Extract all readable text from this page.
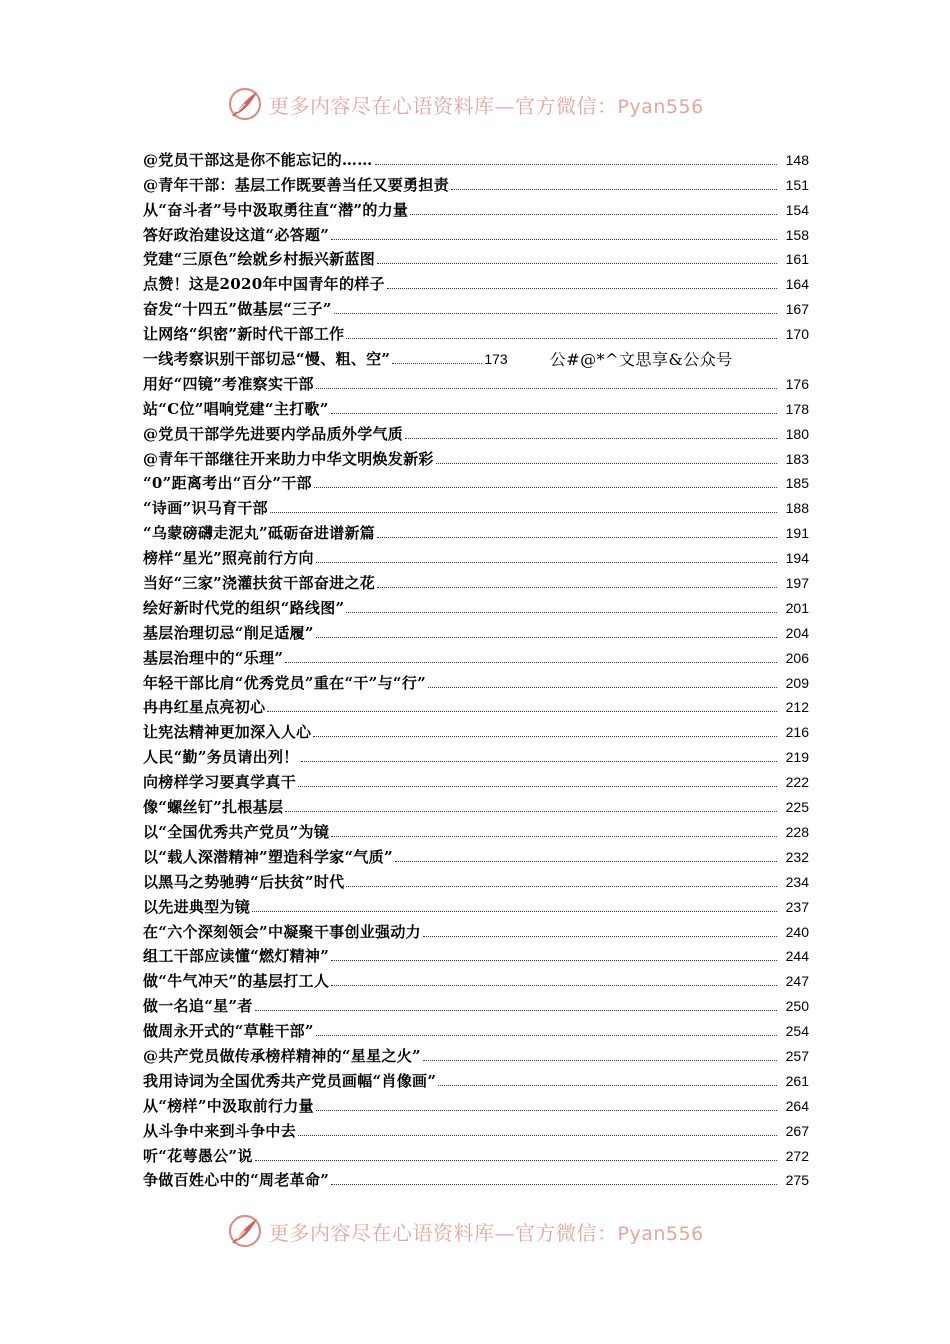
更多内容尽在心语资料库—官方微信：Pyan556
@党员干部这是你不能忘记的……	148
@青年干部：基层工作既要善当任又要勇担责	151
从“奋斗者”号中汲取勇往直“潜”的力量	154
答好政治建设这道“必答题”	158
党建“三原色”绘就乡村振兴新蓝图	161
点赞！这是2020年中国青年的样子	164
奋发“十四五”做基层“三子”	167
让网络“织密”新时代干部工作	170
一线考察识别干部切忌“慢、粗、空”	173	公#@*^文思享&公众号
用好“四镜”考准察实干部	176
站“C位”唱响党建“主打歌”	178
@党员干部学先进要内学品质外学气质	180
@青年干部继往开来助力中华文明焕发新彩	183
“0”距离考出“百分”干部	185
“诗画”识马育干部	188
“乌蒙磅礴走泥丸”砥砺奋进谱新篇	191
榜样“星光”照亮前行方向	194
当好“三家”浇灌扶贫干部奋进之花	197
绘好新时代党的组织“路线图”	201
基层治理切忌“削足适履”	204
基层治理中的“乐理”	206
年轻干部比肩“优秀党员”重在“干”与“行”	209
冉冉红星点亮初心	212
让宪法精神更加深入人心	216
人民“勤”务员请出列！	219
向榜样学习要真学真干	222
像“螺丝钉”扎根基层	225
以“全国优秀共产党员”为镜	228
以“载人深潜精神”塑造科学家“气质”	232
以黑马之势驰骋“后扶贫”时代	234
以先进典型为镜	237
在“六个深刻领会”中凝聚干事创业强动力	240
组工干部应读懂“燃灯精神”	244
做“牛气冲天”的基层打工人	247
做一名追“星”者	250
做周永开式的“草鞋干部”	254
@共产党员做传承榜样精神的“星星之火”	257
我用诗词为全国优秀共产党员画幅“肖像画”	261
从“榜样”中汲取前行力量	264
从斗争中来到斗争中去	267
听“花萼愚公”说	272
争做百姓心中的“周老革命”	275
更多内容尽在心语资料库—官方微信：Pyan556
